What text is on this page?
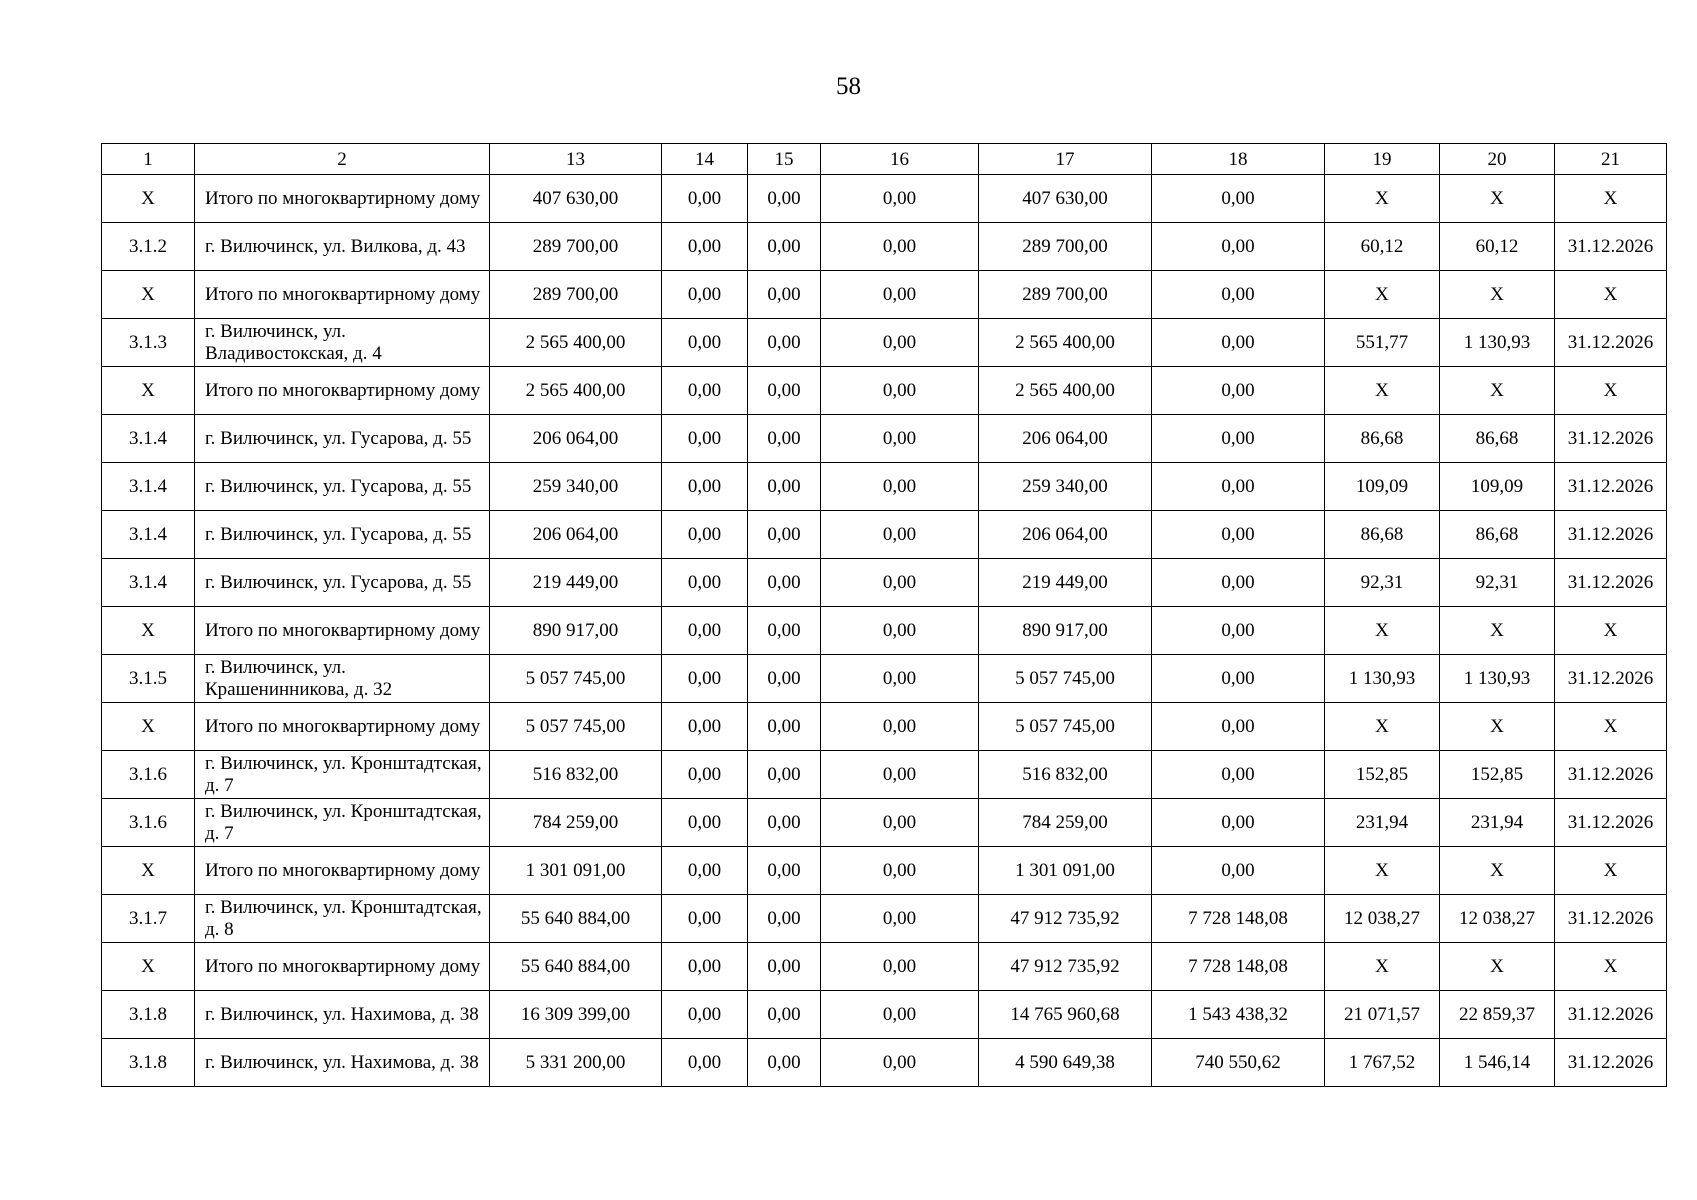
58
1	2	13	14	15	16	17	18	19	20	21
X	Итого по многоквартирному дому	407 630,00	0,00	0,00	0,00	407 630,00	0,00	X	X	X
3.1.2	г. Вилючинск, ул. Вилкова, д. 43	289 700,00	0,00	0,00	0,00	289 700,00	0,00	60,12	60,12	31.12.2026
X	Итого по многоквартирному дому	289 700,00	0,00	0,00	0,00	289 700,00	0,00	X	X	X
3.1.3	г. Вилючинск, ул. Владивостокская, д. 4	2 565 400,00	0,00	0,00	0,00	2 565 400,00	0,00	551,77	1 130,93	31.12.2026
X	Итого по многоквартирному дому	2 565 400,00	0,00	0,00	0,00	2 565 400,00	0,00	X	X	X
3.1.4	г. Вилючинск, ул. Гусарова, д. 55	206 064,00	0,00	0,00	0,00	206 064,00	0,00	86,68	86,68	31.12.2026
3.1.4	г. Вилючинск, ул. Гусарова, д. 55	259 340,00	0,00	0,00	0,00	259 340,00	0,00	109,09	109,09	31.12.2026
3.1.4	г. Вилючинск, ул. Гусарова, д. 55	206 064,00	0,00	0,00	0,00	206 064,00	0,00	86,68	86,68	31.12.2026
3.1.4	г. Вилючинск, ул. Гусарова, д. 55	219 449,00	0,00	0,00	0,00	219 449,00	0,00	92,31	92,31	31.12.2026
X	Итого по многоквартирному дому	890 917,00	0,00	0,00	0,00	890 917,00	0,00	X	X	X
3.1.5	г. Вилючинск, ул. Крашенинникова, д. 32	5 057 745,00	0,00	0,00	0,00	5 057 745,00	0,00	1 130,93	1 130,93	31.12.2026
X	Итого по многоквартирному дому	5 057 745,00	0,00	0,00	0,00	5 057 745,00	0,00	X	X	X
3.1.6	г. Вилючинск, ул. Кронштадтская, д. 7	516 832,00	0,00	0,00	0,00	516 832,00	0,00	152,85	152,85	31.12.2026
3.1.6	г. Вилючинск, ул. Кронштадтская, д. 7	784 259,00	0,00	0,00	0,00	784 259,00	0,00	231,94	231,94	31.12.2026
X	Итого по многоквартирному дому	1 301 091,00	0,00	0,00	0,00	1 301 091,00	0,00	X	X	X
3.1.7	г. Вилючинск, ул. Кронштадтская, д. 8	55 640 884,00	0,00	0,00	0,00	47 912 735,92	7 728 148,08	12 038,27	12 038,27	31.12.2026
X	Итого по многоквартирному дому	55 640 884,00	0,00	0,00	0,00	47 912 735,92	7 728 148,08	X	X	X
3.1.8	г. Вилючинск, ул. Нахимова, д. 38	16 309 399,00	0,00	0,00	0,00	14 765 960,68	1 543 438,32	21 071,57	22 859,37	31.12.2026
3.1.8	г. Вилючинск, ул. Нахимова, д. 38	5 331 200,00	0,00	0,00	0,00	4 590 649,38	740 550,62	1 767,52	1 546,14	31.12.2026
